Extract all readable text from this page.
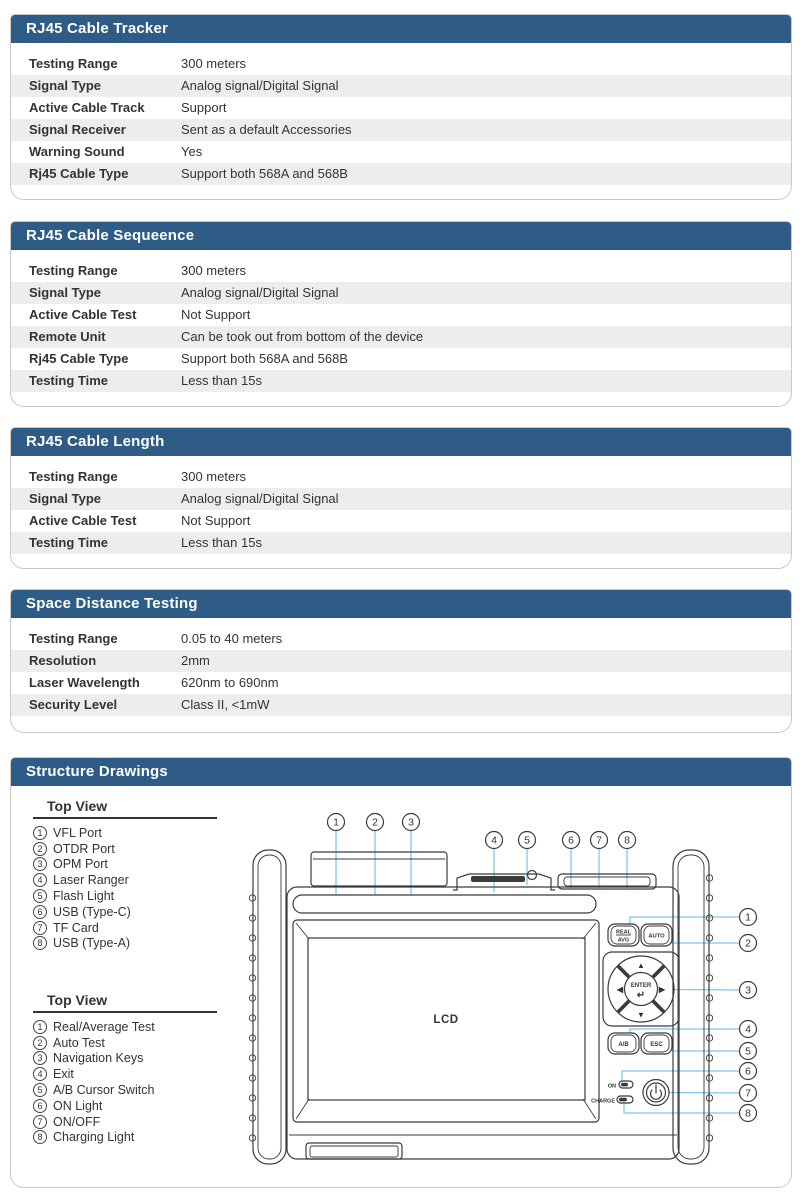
RJ45 Cable Tracker
Testing Range	300 meters
Signal Type	Analog signal/Digital Signal
Active Cable Track	Support
Signal Receiver	Sent as a default Accessories
Warning Sound	Yes
Rj45 Cable Type	Support both 568A and 568B
RJ45 Cable Sequeence
Testing Range	300 meters
Signal Type	Analog signal/Digital Signal
Active Cable Test	Not Support
Remote Unit	Can be took out from bottom of the device
Rj45 Cable Type	Support both 568A and 568B
Testing Time	Less than 15s
RJ45 Cable Length
Testing Range	300 meters
Signal Type	Analog signal/Digital Signal
Active Cable Test	Not Support
Testing Time	Less than 15s
Space Distance Testing
Testing Range	0.05 to 40 meters
Resolution	2mm
Laser Wavelength	620nm to 690nm
Security Level	Class II, <1mW
Structure Drawings
Top View
1 VFL Port
2 OTDR Port
3 OPM Port
4 Laser Ranger
5 Flash Light
6 USB (Type-C)
7 TF Card
8 USB (Type-A)
Top View
1 Real/Average Test
2 Auto Test
3 Navigation Keys
4 Exit
5 A/B Cursor Switch
6 ON Light
7 ON/OFF
8 Charging Light
LCD
REAL
AVG
AUTO
▲
▼
◀	▶
ENTER
↵
A/B	ESC
ON
CHARGE
1	2	3
4	5	6 7 8
1
2
3
4
5
6
7
8
